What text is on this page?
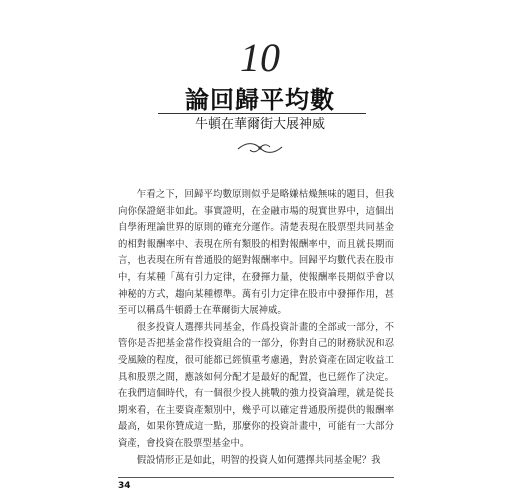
10
論回歸平均數
牛頓在華爾街大展神威

乍看之下，回歸平均數原則似乎是略嫌枯燥無味的題目，但我向你保證絕非如此。事實證明，在金融市場的現實世界中，這個出自學術理論世界的原則的確充分運作。清楚表現在股票型共同基金的相對報酬率中、表現在所有類股的相對報酬率中，而且就長期而言，也表現在所有普通股的絕對報酬率中。回歸平均數代表在股市中，有某種「萬有引力定律，在發揮力量，使報酬率長期似乎會以神秘的方式，趨向某種標準。萬有引力定律在股市中發揮作用，甚至可以稱爲牛頓爵士在華爾街大展神威。

很多投資人選擇共同基金，作爲投資計畫的全部或一部分，不管你是否把基金當作投資組合的一部分，你對自己的財務狀況和忍受風險的程度，很可能都已經慎重考慮過，對於資產在固定收益工具和股票之間，應該如何分配才是最好的配置，也已經作了決定。在我們這個時代，有一個很少投人挑戰的強力投資論理，就是從長期來看，在主要資產類別中，幾乎可以確定普通股所提供的報酬率最高，如果你贊成這一點，那麼你的投資計畫中，可能有一大部分資產，會投資在股票型基金中。

假設情形正是如此，明智的投資人如何選擇共同基金呢？我

34
